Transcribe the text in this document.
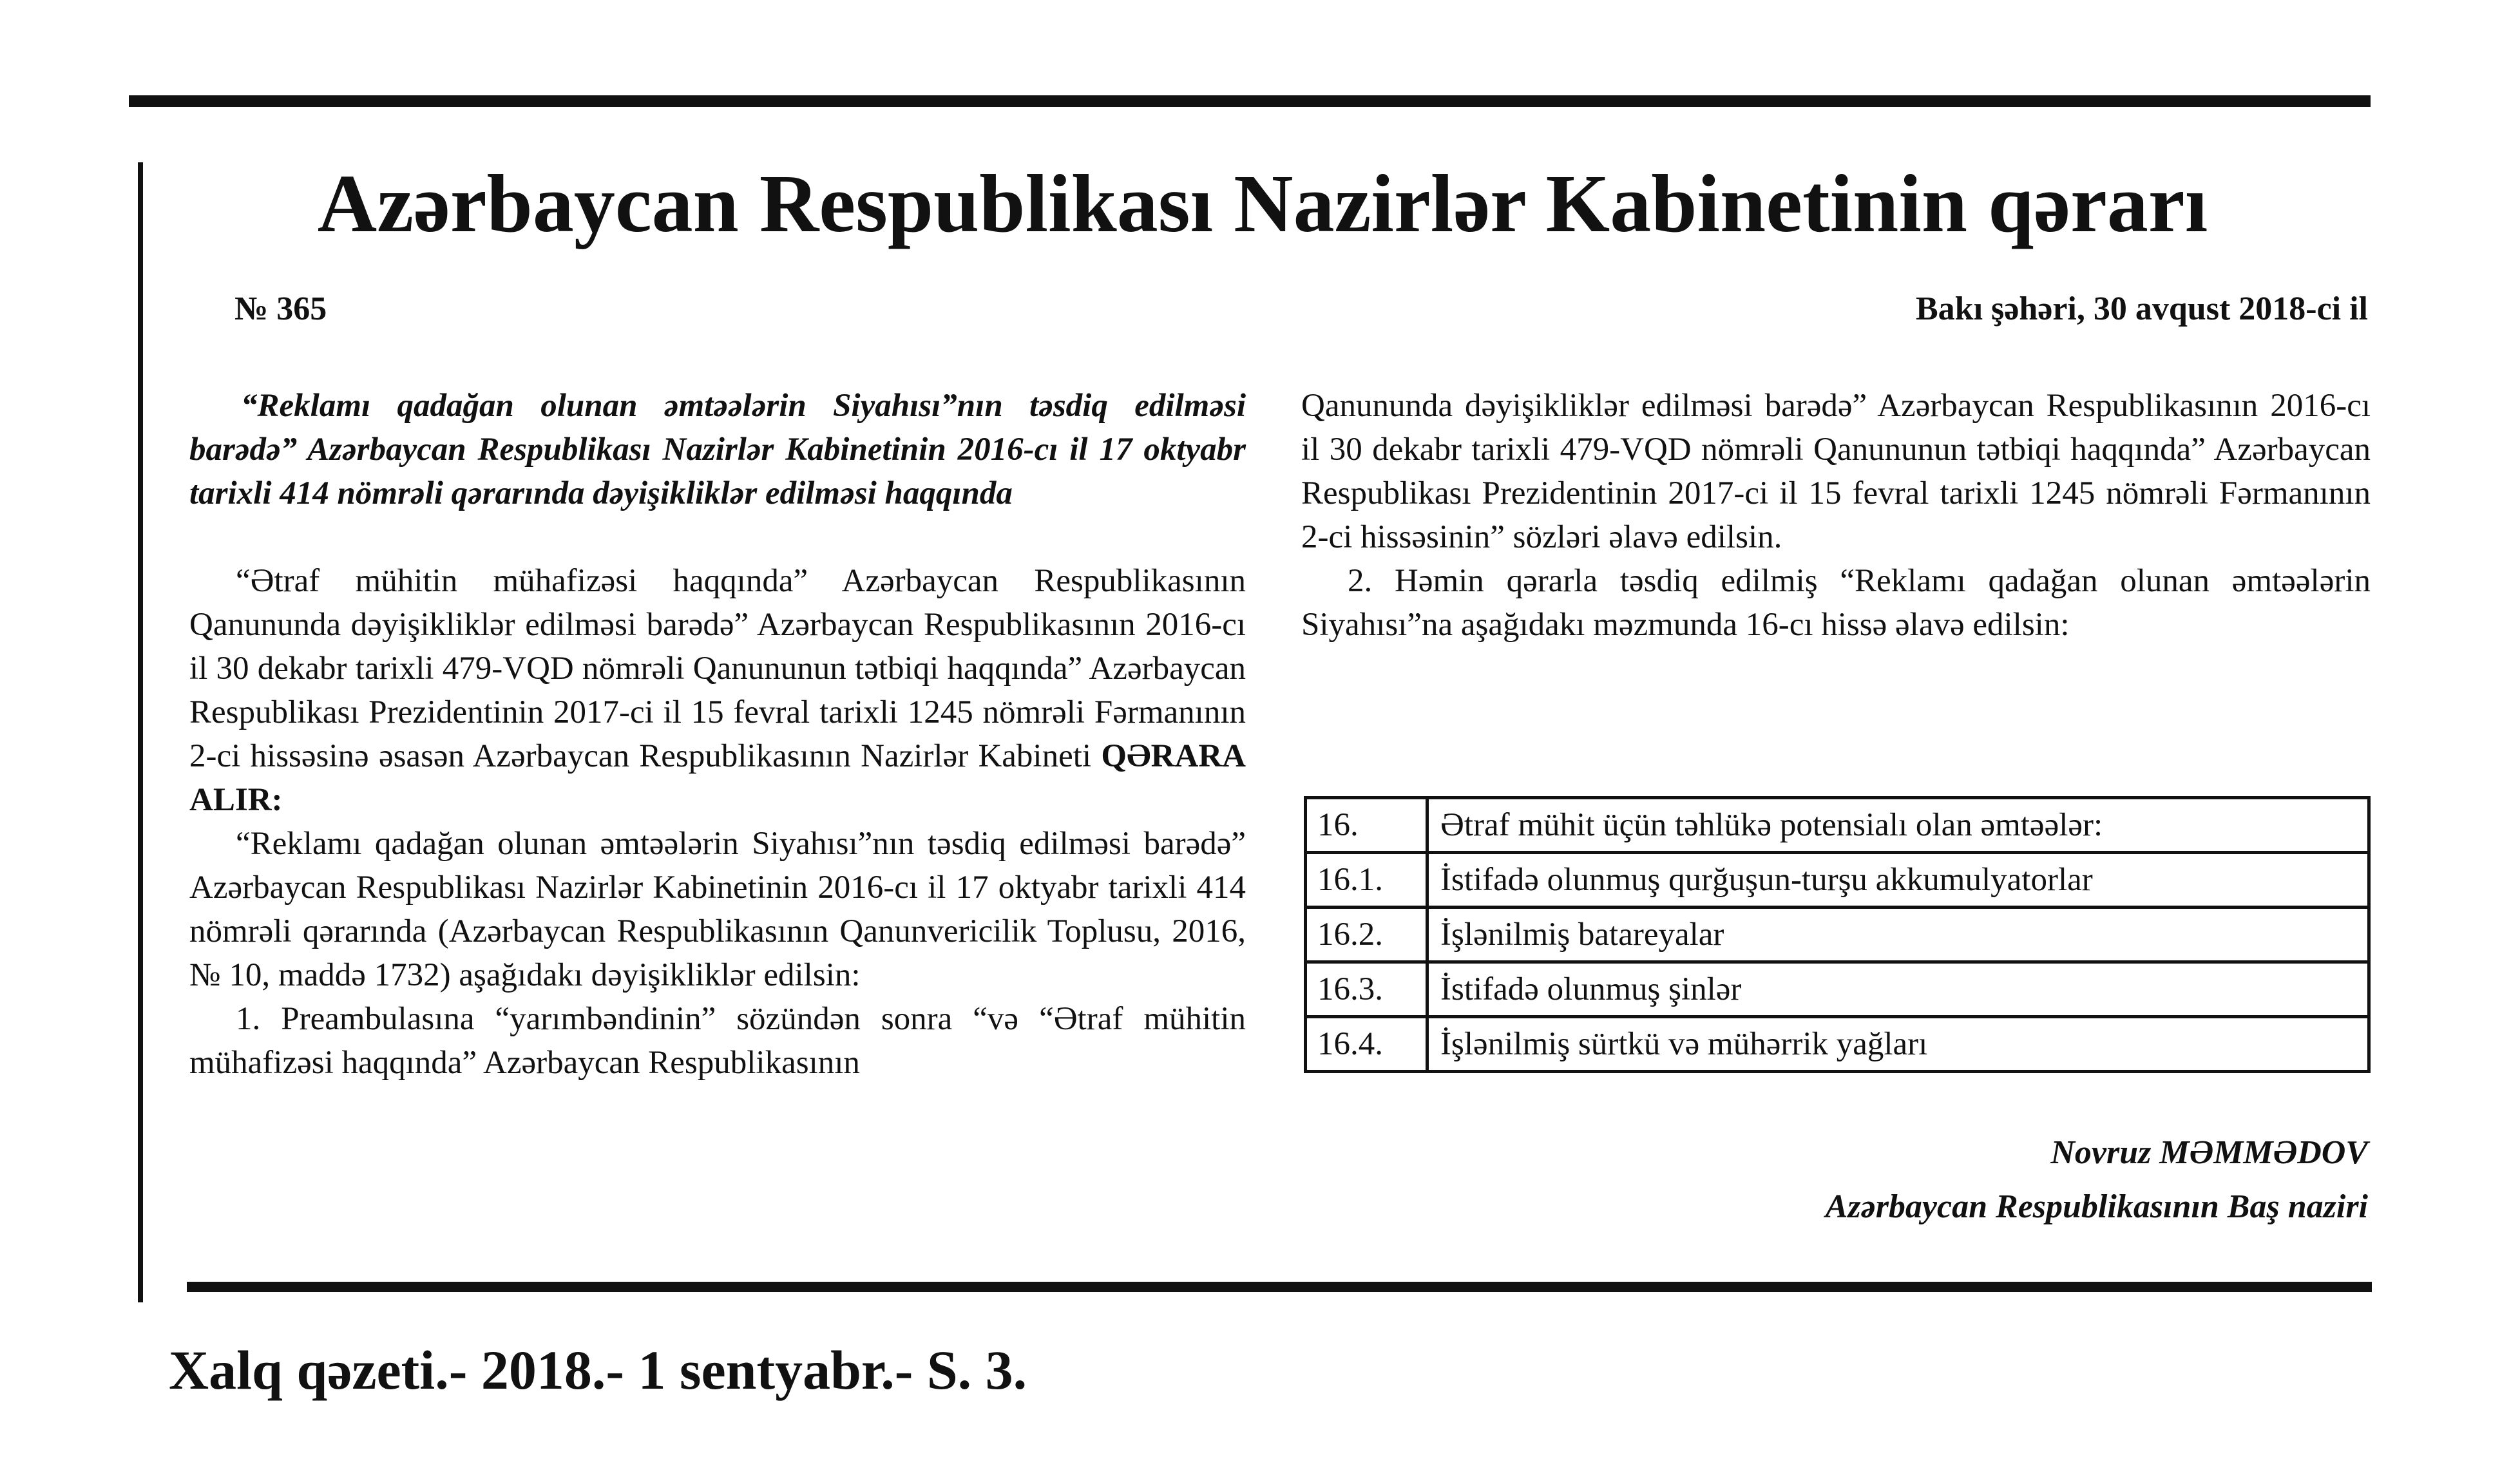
Azərbaycan Respublikası Nazirlər Kabinetinin qərarı
№ 365	Bakı şəhəri, 30 avqust 2018-ci il

“Reklamı qadağan olunan əmtəələrin Siyahısı”nın təsdiq edilməsi barədə” Azərbaycan Respublikası Nazirlər Kabinetinin 2016-cı il 17 oktyabr tarixli 414 nömrəli qərarında dəyişikliklər edilməsi haqqında

“Ətraf mühitin mühafizəsi haqqında” Azərbaycan Respublikasının Qanununda dəyişikliklər edilməsi barədə” Azərbaycan Respublikasının 2016-cı il 30 dekabr tarixli 479-VQD nömrəli Qanununun tətbiqi haqqında” Azərbaycan Respublikası Prezidentinin 2017-ci il 15 fevral tarixli 1245 nömrəli Fərmanının 2-ci hissəsinə əsasən Azərbaycan Respublikasının Nazirlər Kabineti QƏRARA ALIR:

“Reklamı qadağan olunan əmtəələrin Siyahısı”nın təsdiq edilməsi barədə” Azərbaycan Respublikası Nazirlər Kabinetinin 2016-cı il 17 oktyabr tarixli 414 nömrəli qərarında (Azərbaycan Respublikasının Qanunvericilik Toplusu, 2016, № 10, maddə 1732) aşağıdakı dəyişikliklər edilsin:

1. Preambulasına “yarımbəndinin” sözündən sonra “və “Ətraf mühitin mühafizəsi haqqında” Azərbaycan Respublikasının

Qanununda dəyişikliklər edilməsi barədə” Azərbaycan Respublikasının 2016-cı il 30 dekabr tarixli 479-VQD nömrəli Qanununun tətbiqi haqqında” Azərbaycan Respublikası Prezidentinin 2017-ci il 15 fevral tarixli 1245 nömrəli Fərmanının 2-ci hissəsinin” sözləri əlavə edilsin.

2. Həmin qərarla təsdiq edilmiş “Reklamı qadağan olunan əmtəələrin Siyahısı”na aşağıdakı məzmunda 16-cı hissə əlavə edilsin:

16.	Ətraf mühit üçün təhlükə potensialı olan əmtəələr:
16.1.	İstifadə olunmuş qurğuşun-turşu akkumulyatorlar
16.2.	İşlənilmiş batareyalar
16.3.	İstifadə olunmuş şinlər
16.4.	İşlənilmiş sürtkü və mühərrik yağları
Novruz MƏMMƏDOV
Azərbaycan Respublikasının Baş naziri
Xalq qəzeti.- 2018.- 1 sentyabr.- S. 3.
